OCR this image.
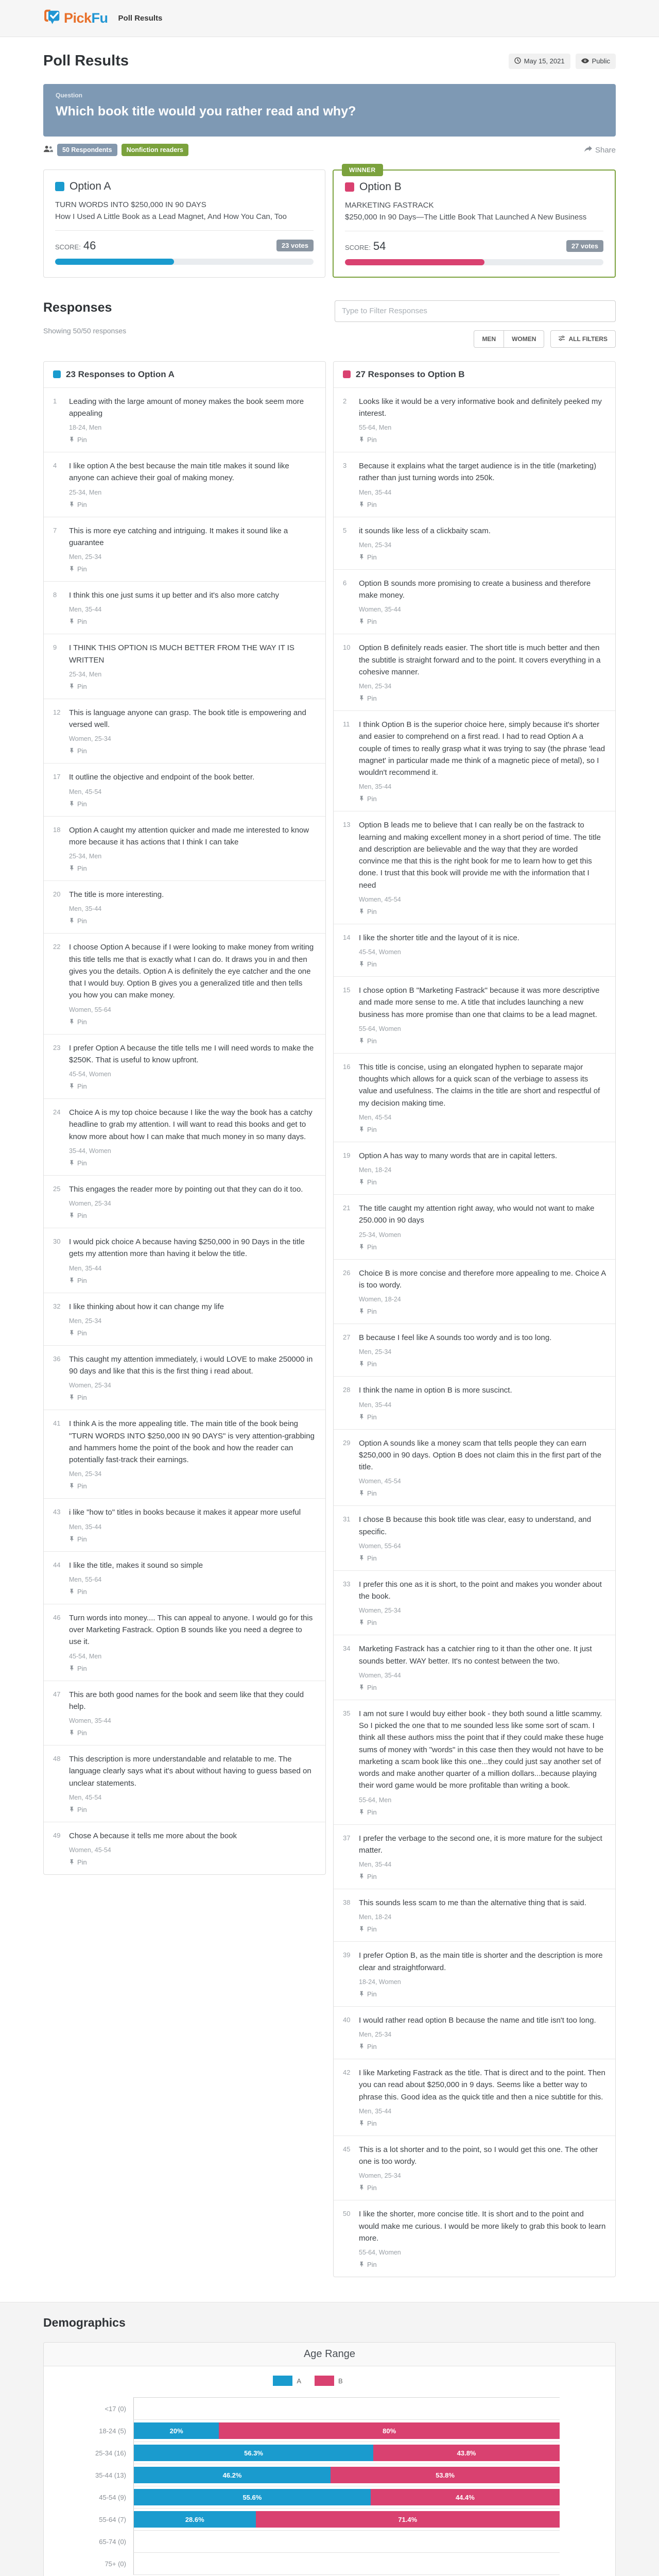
PickFu Poll Results
Poll Results	May 15, 2021	Public
Question
Which book title would you rather read and why?
50 Respondents	Nonfiction readers	Share
Option A

TURN WORDS INTO $250,000 IN 90 DAYS

How I Used A Little Book as a Lead Magnet, And How You Can, Too

SCORE: 46	23 votes
WINNER
Option B

MARKETING FASTRACK

$250,000 In 90 Days—The Little Book That Launched A New Business

SCORE: 54	27 votes
Responses
Showing 50/50 responses
Type to Filter Responses
MEN	WOMEN	ALL FILTERS
23 Responses to Option A
1	Leading with the large amount of money makes the book seem more appealing

18-24, Men
Pin
4	I like option A the best because the main title makes it sound like anyone can achieve their goal of making money.

25-34, Men
Pin
7	This is more eye catching and intriguing. It makes it sound like a guarantee

Men, 25-34
Pin
8	I think this one just sums it up better and it's also more catchy

Men, 35-44
Pin
9	I THINK THIS OPTION IS MUCH BETTER FROM THE WAY IT IS WRITTEN

25-34, Men
Pin
12	This is language anyone can grasp. The book title is empowering and versed well.

Women, 25-34
Pin
17	It outline the objective and endpoint of the book better.

Men, 45-54
Pin
18	Option A caught my attention quicker and made me interested to know more because it has actions that I think I can take

25-34, Men
Pin
20	The title is more interesting.

Men, 35-44
Pin
22	I choose Option A because if I were looking to make money from writing this title tells me that is exactly what I can do. It draws you in and then gives you the details. Option A is definitely the eye catcher and the one that I would buy. Option B gives you a generalized title and then tells you how you can make money.

Women, 55-64
Pin
23	I prefer Option A because the title tells me I will need words to make the $250K. That is useful to know upfront.

45-54, Women
Pin
24	Choice A is my top choice because I like the way the book has a catchy headline to grab my attention. I will want to read this books and get to know more about how I can make that much money in so many days.

35-44, Women
Pin
25	This engages the reader more by pointing out that they can do it too.

Women, 25-34
Pin
30	I would pick choice A because having $250,000 in 90 Days in the title gets my attention more than having it below the title.

Men, 35-44
Pin
32	I like thinking about how it can change my life

Men, 25-34
Pin
36	This caught my attention immediately, i would LOVE to make 250000 in 90 days and like that this is the first thing i read about.

Women, 25-34
Pin
41	I think A is the more appealing title. The main title of the book being "TURN WORDS INTO $250,000 IN 90 DAYS" is very attention-grabbing and hammers home the point of the book and how the reader can potentially fast-track their earnings.

Men, 25-34
Pin
43	i like "how to" titles in books because it makes it appear more useful

Men, 35-44
Pin
44	I like the title, makes it sound so simple

Men, 55-64
Pin
46	Turn words into money.... This can appeal to anyone. I would go for this over Marketing Fastrack. Option B sounds like you need a degree to use it.

45-54, Men
Pin
47	This are both good names for the book and seem like that they could help.

Women, 35-44
Pin
48	This description is more understandable and relatable to me. The language clearly says what it's about without having to guess based on unclear statements.

Men, 45-54
Pin
49	Chose A because it tells me more about the book

Women, 45-54
Pin
27 Responses to Option B
2	Looks like it would be a very informative book and definitely peeked my interest.

55-64, Men
Pin
3	Because it explains what the target audience is in the title (marketing) rather than just turning words into 250k.

Men, 35-44
Pin
5	it sounds like less of a clickbaity scam.

Men, 25-34
Pin
6	Option B sounds more promising to create a business and therefore make money.

Women, 35-44
Pin
10	Option B definitely reads easier. The short title is much better and then the subtitle is straight forward and to the point. It covers everything in a cohesive manner.

Men, 25-34
Pin
11	I think Option B is the superior choice here, simply because it's shorter and easier to comprehend on a first read. I had to read Option A a couple of times to really grasp what it was trying to say (the phrase 'lead magnet' in particular made me think of a magnetic piece of metal), so I wouldn't recommend it.

Men, 35-44
Pin
13	Option B leads me to believe that I can really be on the fastrack to learning and making excellent money in a short period of time. The title and description are believable and the way that they are worded convince me that this is the right book for me to learn how to get this done. I trust that this book will provide me with the information that I need

Women, 45-54
Pin
14	I like the shorter title and the layout of it is nice.

45-54, Women
Pin
15	I chose option B "Marketing Fastrack" because it was more descriptive and made more sense to me. A title that includes launching a new business has more promise than one that claims to be a lead magnet.

55-64, Women
Pin
16	This title is concise, using an elongated hyphen to separate major thoughts which allows for a quick scan of the verbiage to assess its value and usefulness. The claims in the title are short and respectful of my decision making time.

Men, 45-54
Pin
19	Option A has way to many words that are in capital letters.

Men, 18-24
Pin
21	The title caught my attention right away, who would not want to make 250.000 in 90 days

25-34, Women
Pin
26	Choice B is more concise and therefore more appealing to me. Choice A is too wordy.

Women, 18-24
Pin
27	B because I feel like A sounds too wordy and is too long.

Men, 25-34
Pin
28	I think the name in option B is more suscinct.

Men, 35-44
Pin
29	Option A sounds like a money scam that tells people they can earn $250,000 in 90 days. Option B does not claim this in the first part of the title.

Women, 45-54
Pin
31	I chose B because this book title was clear, easy to understand, and specific.

Women, 55-64
Pin
33	I prefer this one as it is short, to the point and makes you wonder about the book.

Women, 25-34
Pin
34	Marketing Fastrack has a catchier ring to it than the other one. It just sounds better. WAY better. It's no contest between the two.

Women, 35-44
Pin
35	I am not sure I would buy either book - they both sound a little scammy. So I picked the one that to me sounded less like some sort of scam. I think all these authors miss the point that if they could make these huge sums of money with "words" in this case then they would not have to be marketing a scam book like this one...they could just say another set of words and make another quarter of a million dollars...because playing their word game would be more profitable than writing a book.

55-64, Men
Pin
37	I prefer the verbage to the second one, it is more mature for the subject matter.

Men, 35-44
Pin
38	This sounds less scam to me than the alternative thing that is said.

Men, 18-24
Pin
39	I prefer Option B, as the main title is shorter and the description is more clear and straightforward.

18-24, Women
Pin
40	I would rather read option B because the name and title isn't too long.

Men, 25-34
Pin
42	I like Marketing Fastrack as the title. That is direct and to the point. Then you can read about $250,000 in 9 days. Seems like a better way to phrase this. Good idea as the quick title and then a nice subtitle for this.

Men, 35-44
Pin
45	This is a lot shorter and to the point, so I would get this one. The other one is too wordy.

Women, 25-34
Pin
50	I like the shorter, more concise title. It is short and to the point and would make me curious. I would be more likely to grab this book to learn more.

55-64, Women
Pin
Demographics
Age Range
A	B
<17 (0)
18-24 (5)	20%	80%
25-34 (16)	56.3%	43.8%
35-44 (13)	46.2%	53.8%
45-54 (9)	55.6%	44.4%
55-64 (7)	28.6%	71.4%
65-74 (0)
75+ (0)
